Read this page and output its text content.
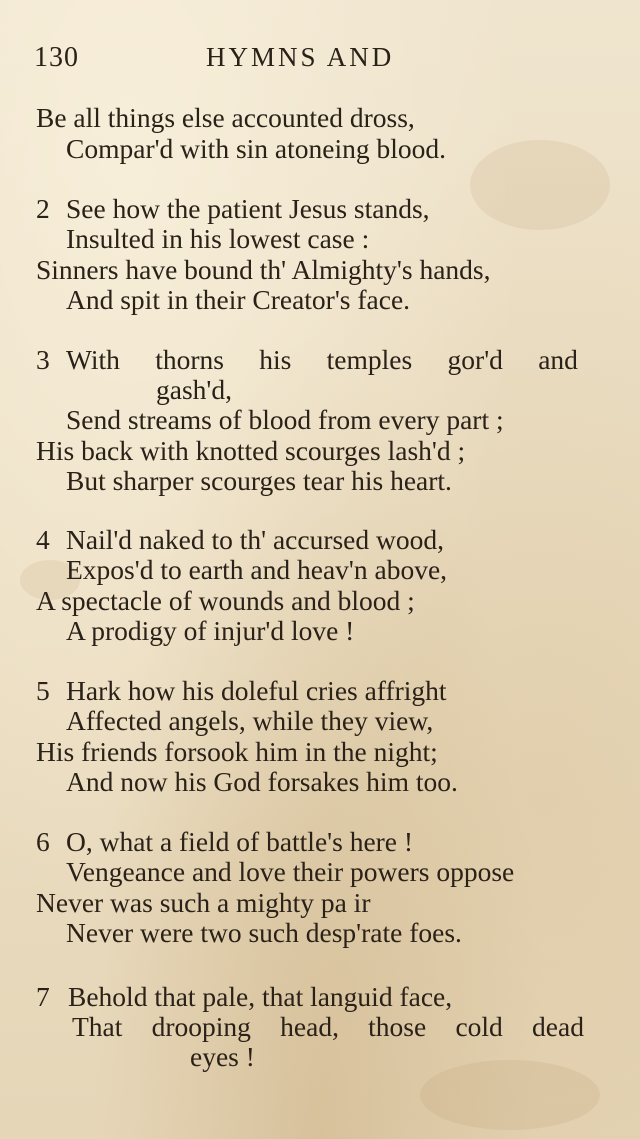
130	HYMNS AND
Be all things else accounted dross,
Compar'd with sin atoneing blood.
2 See how the patient Jesus stands,
Insulted in his lowest case :
Sinners have bound th' Almighty's hands,
And spit in their Creator's face.
3 With thorns his temples gor'd and
gash'd,
Send streams of blood from every part ;
His back with knotted scourges lash'd ;
But sharper scourges tear his heart.
4 Nail'd naked to th' accursed wood,
Expos'd to earth and heav'n above,
A spectacle of wounds and blood ;
A prodigy of injur'd love !
5 Hark how his doleful cries affright
Affected angels, while they view,
His friends forsook him in the night;
And now his God forsakes him too.
6 O, what a field of battle's here !
Vengeance and love their powers oppose
Never was such a mighty pa ir
Never were two such desp'rate foes.
7 Behold that pale, that languid face,
That drooping head, those cold dead
eyes !
